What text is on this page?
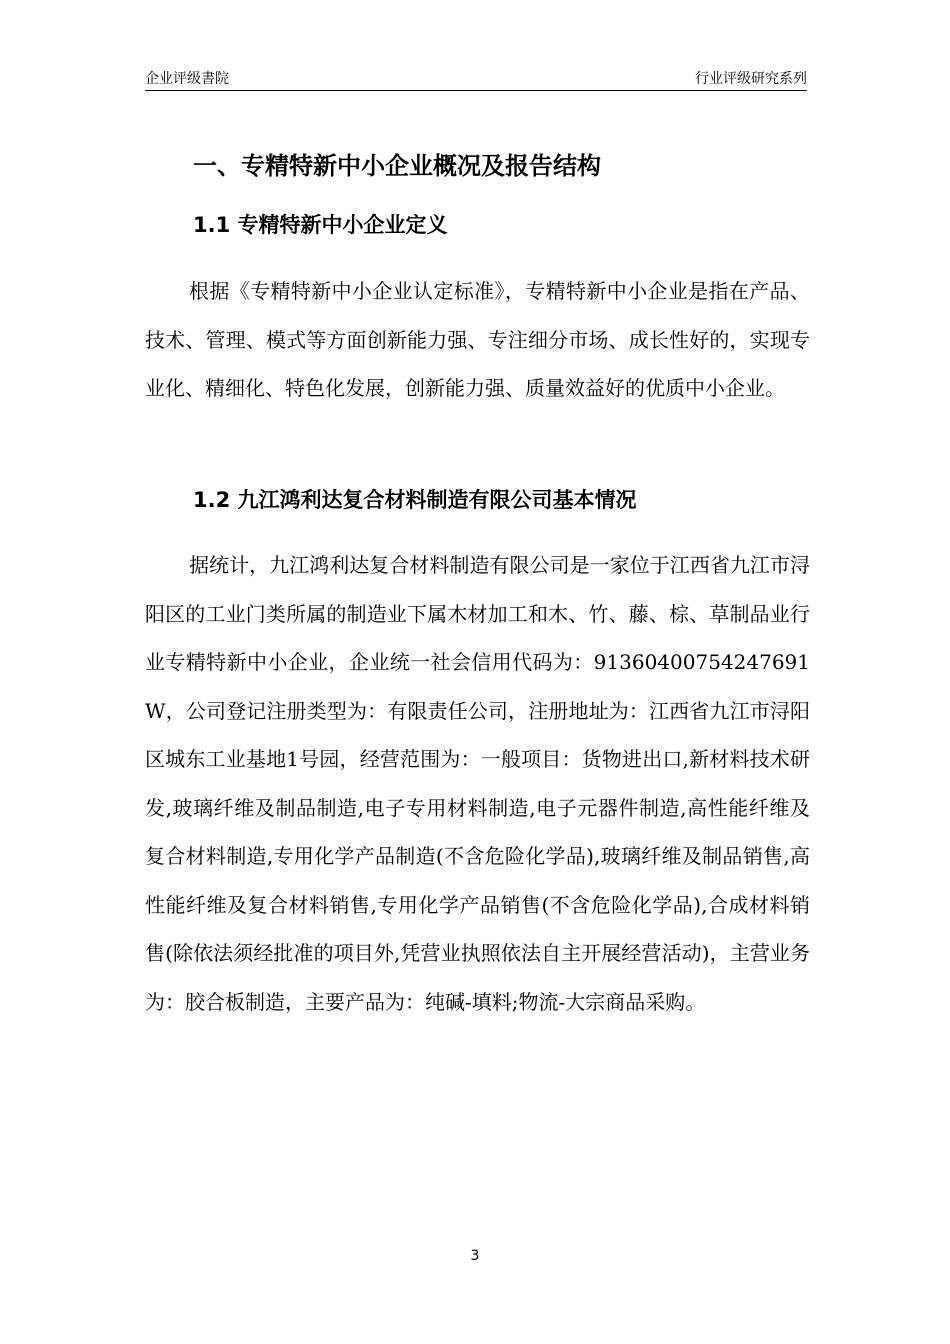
企业评级書院	行业评级研究系列
一、专精特新中小企业概况及报告结构
1.1 专精特新中小企业定义

根据《专精特新中小企业认定标准》，专精特新中小企业是指在产品、技术、管理、模式等方面创新能力强、专注细分市场、成长性好的，实现专业化、精细化、特色化发展，创新能力强、质量效益好的优质中小企业。

1.2 九江鸿利达复合材料制造有限公司基本情况

据统计，九江鸿利达复合材料制造有限公司是一家位于江西省九江市浔阳区的工业门类所属的制造业下属木材加工和木、竹、藤、棕、草制品业行业专精特新中小企业，企业统一社会信用代码为：91360400754247691W，公司登记注册类型为：有限责任公司，注册地址为：江西省九江市浔阳区城东工业基地1号园，经营范围为：一般项目：货物进出口,新材料技术研发,玻璃纤维及制品制造,电子专用材料制造,电子元器件制造,高性能纤维及复合材料制造,专用化学产品制造(不含危险化学品),玻璃纤维及制品销售,高性能纤维及复合材料销售,专用化学产品销售(不含危险化学品),合成材料销售(除依法须经批准的项目外,凭营业执照依法自主开展经营活动)，主营业务为：胶合板制造，主要产品为：纯碱-填料;物流-大宗商品采购。

3
